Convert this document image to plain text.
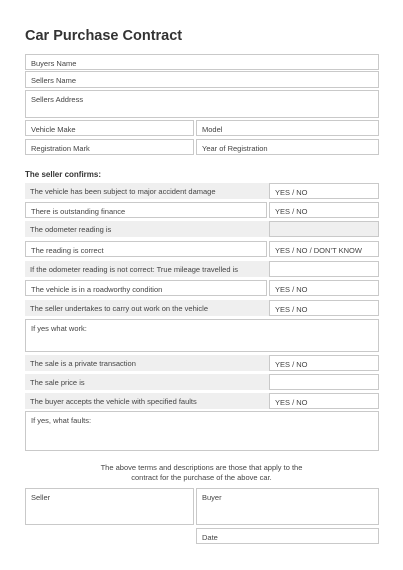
Car Purchase Contract
Buyers Name
Sellers Name
Sellers Address
Vehicle Make	Model
Registration Mark	Year of Registration
The seller confirms:
The vehicle has been subject to major accident damage	YES / NO
There is outstanding finance	YES / NO
The odometer reading is
The reading is correct	YES / NO / DON’T KNOW
If the odometer reading is not correct: True mileage travelled is
The vehicle is in a roadworthy condition	YES / NO
The seller undertakes to carry out work on the vehicle	YES / NO
If yes what work:
The sale is a private transaction	YES / NO
The sale price is
The buyer accepts the vehicle with specified faults	YES / NO
If yes, what faults:
The above terms and descriptions are those that apply to the
contract for the purchase of the above car.
Seller	Buyer
Date
